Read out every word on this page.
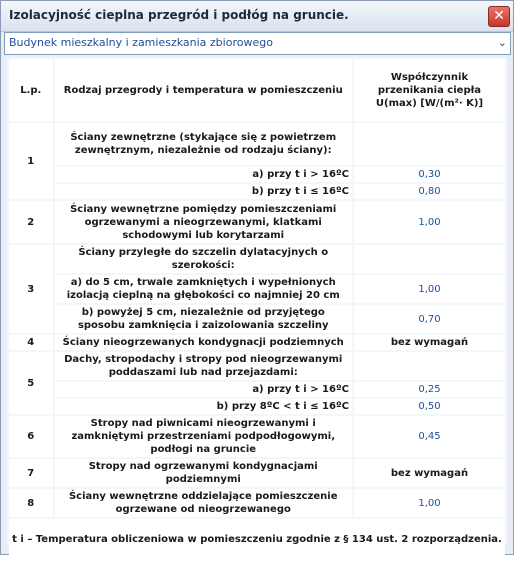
Izolacyjność cieplna przegród i podłóg na gruncie.	✕
Budynek mieszkalny i zamieszkania zbiorowego	⌄
L.p.	Rodzaj przegrody i temperatura w pomieszczeniu	Współczynnik przenikania ciepła U(max) [W/(m²· K)]
1	Ściany zewnętrzne (stykające się z powietrzem zewnętrznym, niezależnie od rodzaju ściany):	
	a) przy t i > 16ºC	0,30
	b) przy t i ≤ 16ºC	0,80
2	Ściany wewnętrzne pomiędzy pomieszczeniami ogrzewanymi a nieogrzewanymi, klatkami schodowymi lub korytarzami	1,00
3	Ściany przyległe do szczelin dylatacyjnych o szerokości:	
	a) do 5 cm, trwale zamkniętych i wypełnionych izolacją cieplną na głębokości co najmniej 20 cm	1,00
	b) powyżej 5 cm, niezależnie od przyjętego sposobu zamknięcia i zaizolowania szczeliny	0,70
4	Ściany nieogrzewanych kondygnacji podziemnych	bez wymagań
5	Dachy, stropodachy i stropy pod nieogrzewanymi poddaszami lub nad przejazdami:	
	a) przy t i > 16ºC	0,25
	b) przy 8ºC < t i ≤ 16ºC	0,50
6	Stropy nad piwnicami nieogrzewanymi i zamkniętymi przestrzeniami podpodłogowymi, podłogi na gruncie	0,45
7	Stropy nad ogrzewanymi kondygnacjami podziemnymi	bez wymagań
8	Ściany wewnętrzne oddzielające pomieszczenie ogrzewane od nieogrzewanego	1,00
t i – Temperatura obliczeniowa w pomieszczeniu zgodnie z § 134 ust. 2 rozporządzenia.		
